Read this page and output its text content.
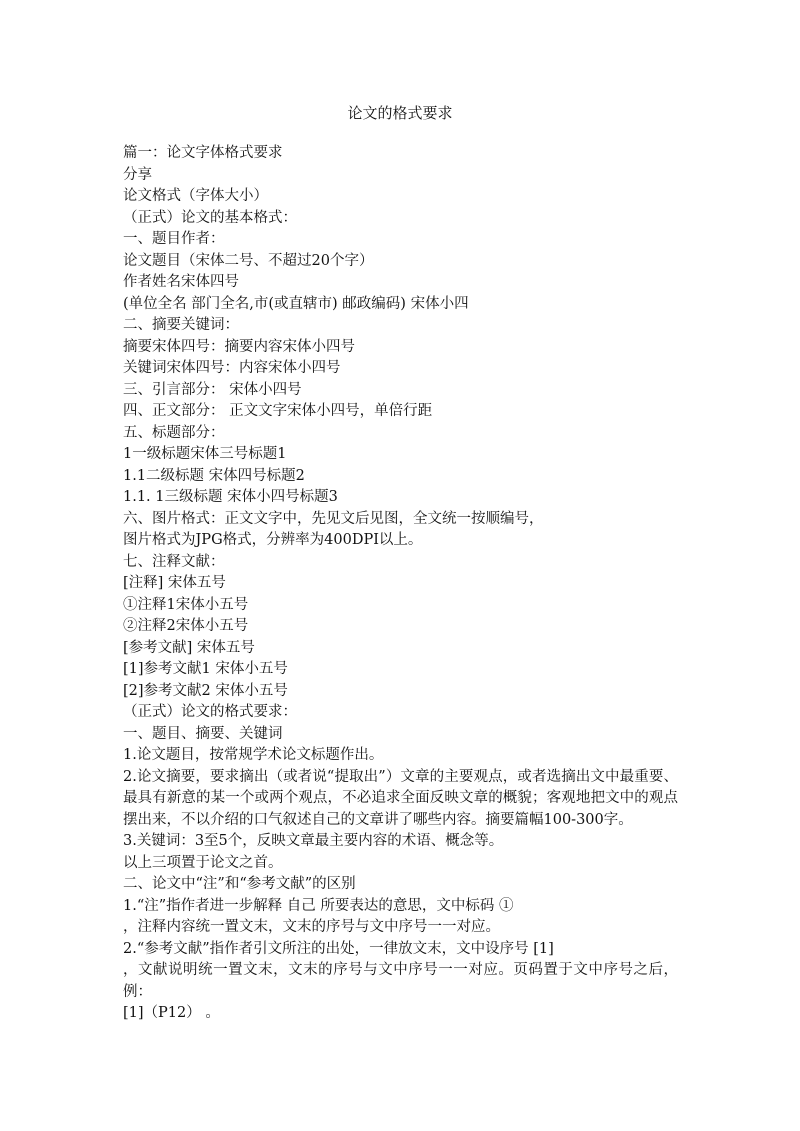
论文的格式要求
篇一：论文字体格式要求
分享
论文格式（字体大小）
（正式）论文的基本格式：
一、题目作者：
论文题目（宋体二号、不超过20个字）
作者姓名宋体四号
(单位全名 部门全名,市(或直辖市) 邮政编码) 宋体小四
二、摘要关键词：
摘要宋体四号：摘要内容宋体小四号
关键词宋体四号：内容宋体小四号
三、引言部分： 宋体小四号
四、正文部分： 正文文字宋体小四号，单倍行距
五、标题部分：
1一级标题宋体三号标题1
1.1二级标题 宋体四号标题2
1.1. 1三级标题 宋体小四号标题3
六、图片格式：正文文字中，先见文后见图，全文统一按顺编号，
图片格式为JPG格式，分辨率为400DPI以上。
七、注释文献：
[注释] 宋体五号
①注释1宋体小五号
②注释2宋体小五号
[参考文献] 宋体五号
[1]参考文献1 宋体小五号
[2]参考文献2 宋体小五号
（正式）论文的格式要求：
一、题目、摘要、关键词
1.论文题目，按常规学术论文标题作出。
2.论文摘要，要求摘出（或者说“提取出”）文章的主要观点，或者选摘出文中最重要、最具有新意的某一个或两个观点，不必追求全面反映文章的概貌；客观地把文中的观点摆出来，不以介绍的口气叙述自己的文章讲了哪些内容。摘要篇幅100-300字。
3.关键词：3至5个，反映文章最主要内容的术语、概念等。
以上三项置于论文之首。
二、论文中“注”和“参考文献”的区别
1.“注”指作者进一步解释 自己 所要表达的意思，文中标码 ①
，注释内容统一置文末，文末的序号与文中序号一一对应。
2.“参考文献”指作者引文所注的出处，一律放文末，文中设序号 [1]
，文献说明统一置文末，文末的序号与文中序号一一对应。页码置于文中序号之后，例：
[1]（P12） 。
